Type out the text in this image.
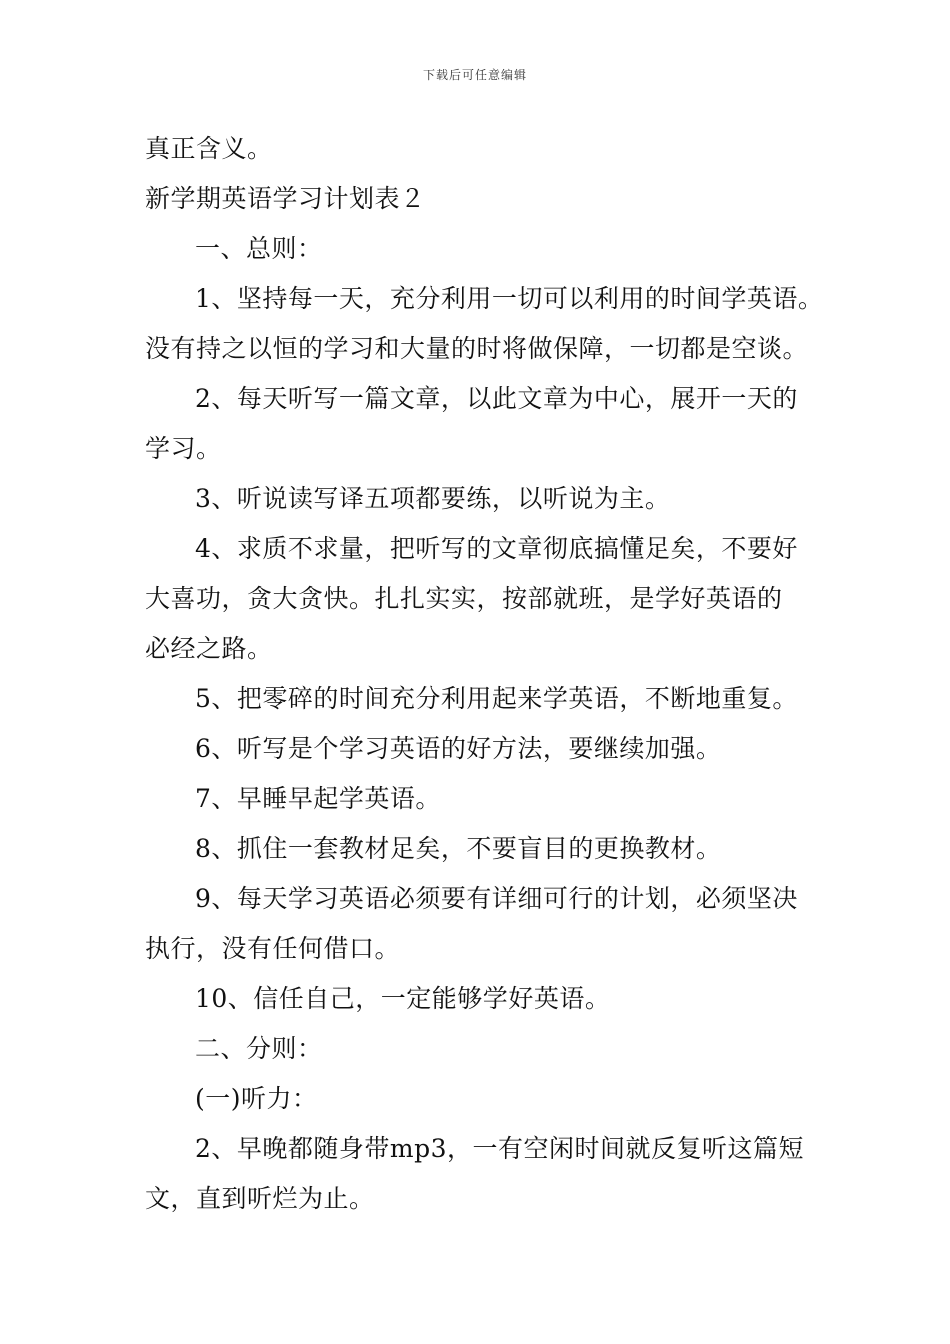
下载后可任意编辑
真正含义。
新学期英语学习计划表２
一、总则：
1、坚持每一天，充分利用一切可以利用的时间学英语。
没有持之以恒的学习和大量的时将做保障，一切都是空谈。
2、每天听写一篇文章，以此文章为中心，展开一天的
学习。
3、听说读写译五项都要练，以听说为主。
4、求质不求量，把听写的文章彻底搞懂足矣，不要好
大喜功，贪大贪快。扎扎实实，按部就班，是学好英语的
必经之路。
5、把零碎的时间充分利用起来学英语，不断地重复。
6、听写是个学习英语的好方法，要继续加强。
7、早睡早起学英语。
8、抓住一套教材足矣，不要盲目的更换教材。
9、每天学习英语必须要有详细可行的计划，必须坚决
执行，没有任何借口。
10、信任自己，一定能够学好英语。
二、分则：
(一)听力：
2、早晚都随身带mp3，一有空闲时间就反复听这篇短
文，直到听烂为止。
